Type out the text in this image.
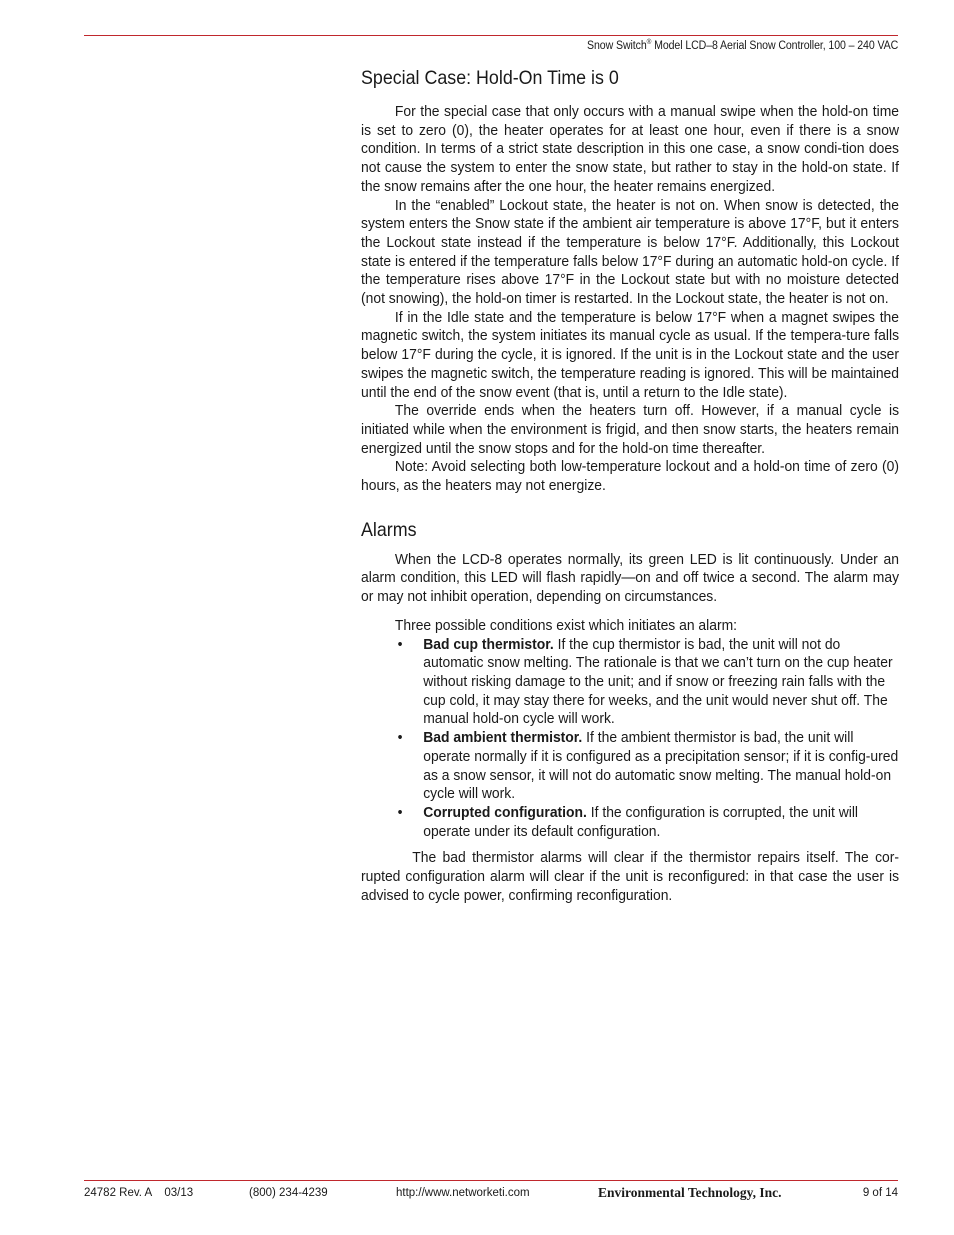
Snow Switch® Model LCD–8 Aerial Snow Controller, 100 – 240 VAC
Special Case: Hold-On Time is 0

For the special case that only occurs with a manual swipe when the hold-on time is set to zero (0), the heater operates for at least one hour, even if there is a snow condition. In terms of a strict state description in this one case, a snow condi-tion does not cause the system to enter the snow state, but rather to stay in the hold-on state. If the snow remains after the one hour, the heater remains energized.

In the “enabled” Lockout state, the heater is not on. When snow is detected, the system enters the Snow state if the ambient air temperature is above 17°F, but it enters the Lockout state instead if the temperature is below 17°F. Additionally, this Lockout state is entered if the temperature falls below 17°F during an automatic hold-on cycle. If the temperature rises above 17°F in the Lockout state but with no moisture detected (not snowing), the hold-on timer is restarted. In the Lockout state, the heater is not on.

If in the Idle state and the temperature is below 17°F when a magnet swipes the magnetic switch, the system initiates its manual cycle as usual. If the tempera-ture falls below 17°F during the cycle, it is ignored. If the unit is in the Lockout state and the user swipes the magnetic switch, the temperature reading is ignored. This will be maintained until the end of the snow event (that is, until a return to the Idle state).

The override ends when the heaters turn off. However, if a manual cycle is initiated while when the environment is frigid, and then snow starts, the heaters remain energized until the snow stops and for the hold-on time thereafter.

Note: Avoid selecting both low-temperature lockout and a hold-on time of zero (0) hours, as the heaters may not energize.

Alarms

When the LCD-8 operates normally, its green LED is lit continuously. Under an alarm condition, this LED will flash rapidly—on and off twice a second. The alarm may or may not inhibit operation, depending on circumstances.

Three possible conditions exist which initiates an alarm:

• Bad cup thermistor. If the cup thermistor is bad, the unit will not do automatic snow melting. The rationale is that we can’t turn on the cup heater without risking damage to the unit; and if snow or freezing rain falls with the cup cold, it may stay there for weeks, and the unit would never shut off. The manual hold-on cycle will work.
• Bad ambient thermistor. If the ambient thermistor is bad, the unit will operate normally if it is configured as a precipitation sensor; if it is config-ured as a snow sensor, it will not do automatic snow melting. The manual hold-on cycle will work.
• Corrupted configuration. If the configuration is corrupted, the unit will operate under its default configuration.

The bad thermistor alarms will clear if the thermistor repairs itself. The cor-rupted configuration alarm will clear if the unit is reconfigured: in that case the user is advised to cycle power, confirming reconfiguration.

24782 Rev. A    03/13	(800) 234-4239	http://www.networketi.com	Environmental Technology, Inc.	9 of 14
